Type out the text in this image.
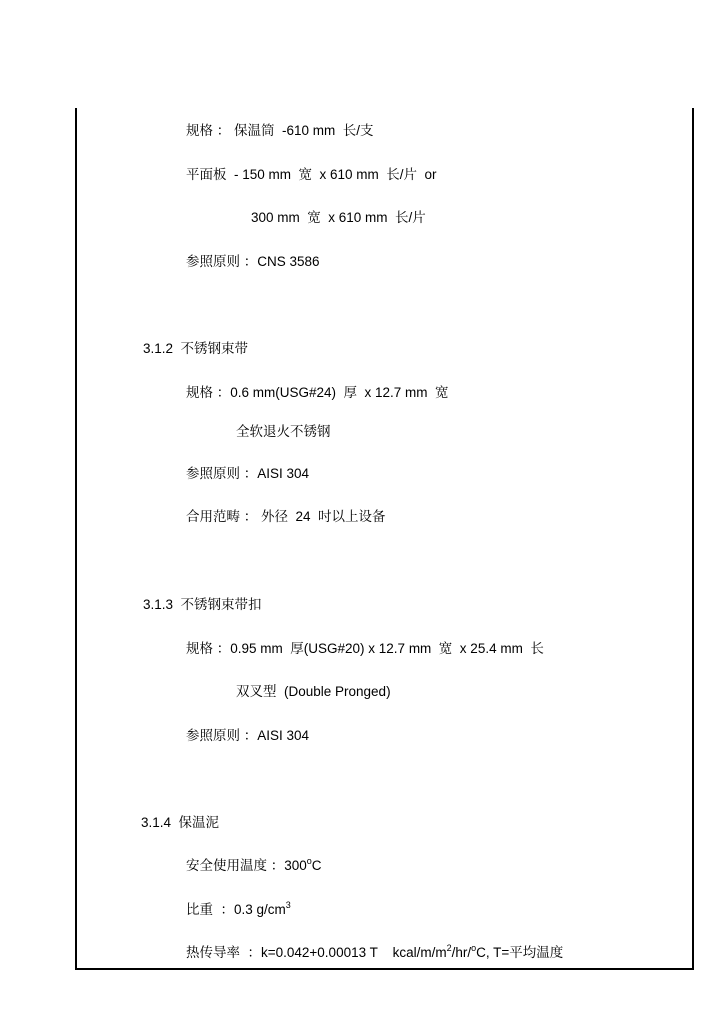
规格 ： 保温筒  -610 mm  长/支
平面板  - 150 mm  宽  x 610 mm  长/片  or
300 mm  宽  x 610 mm  长/片
参照原则 ：CNS 3586
3.1.2  不锈钢束带
规格 ：0.6 mm(USG#24)  厚  x 12.7 mm  宽
全软退火不锈钢
参照原则 ：AISI 304
合用范畴 ： 外径  24  吋以上设备
3.1.3  不锈钢束带扣
规格 ：0.95 mm  厚(USG#20) x 12.7 mm  宽  x 25.4 mm  长
双叉型  (Double Pronged)
参照原则 ：AISI 304
3.1.4  保温泥
安全使用温度 ：300$^o$C
比重  ：0.3 $g/cm^3$
热传导率  ：k=0.042+0.00013 T    kcal/$m/m^2/hr/^oC$, T=平均温度
